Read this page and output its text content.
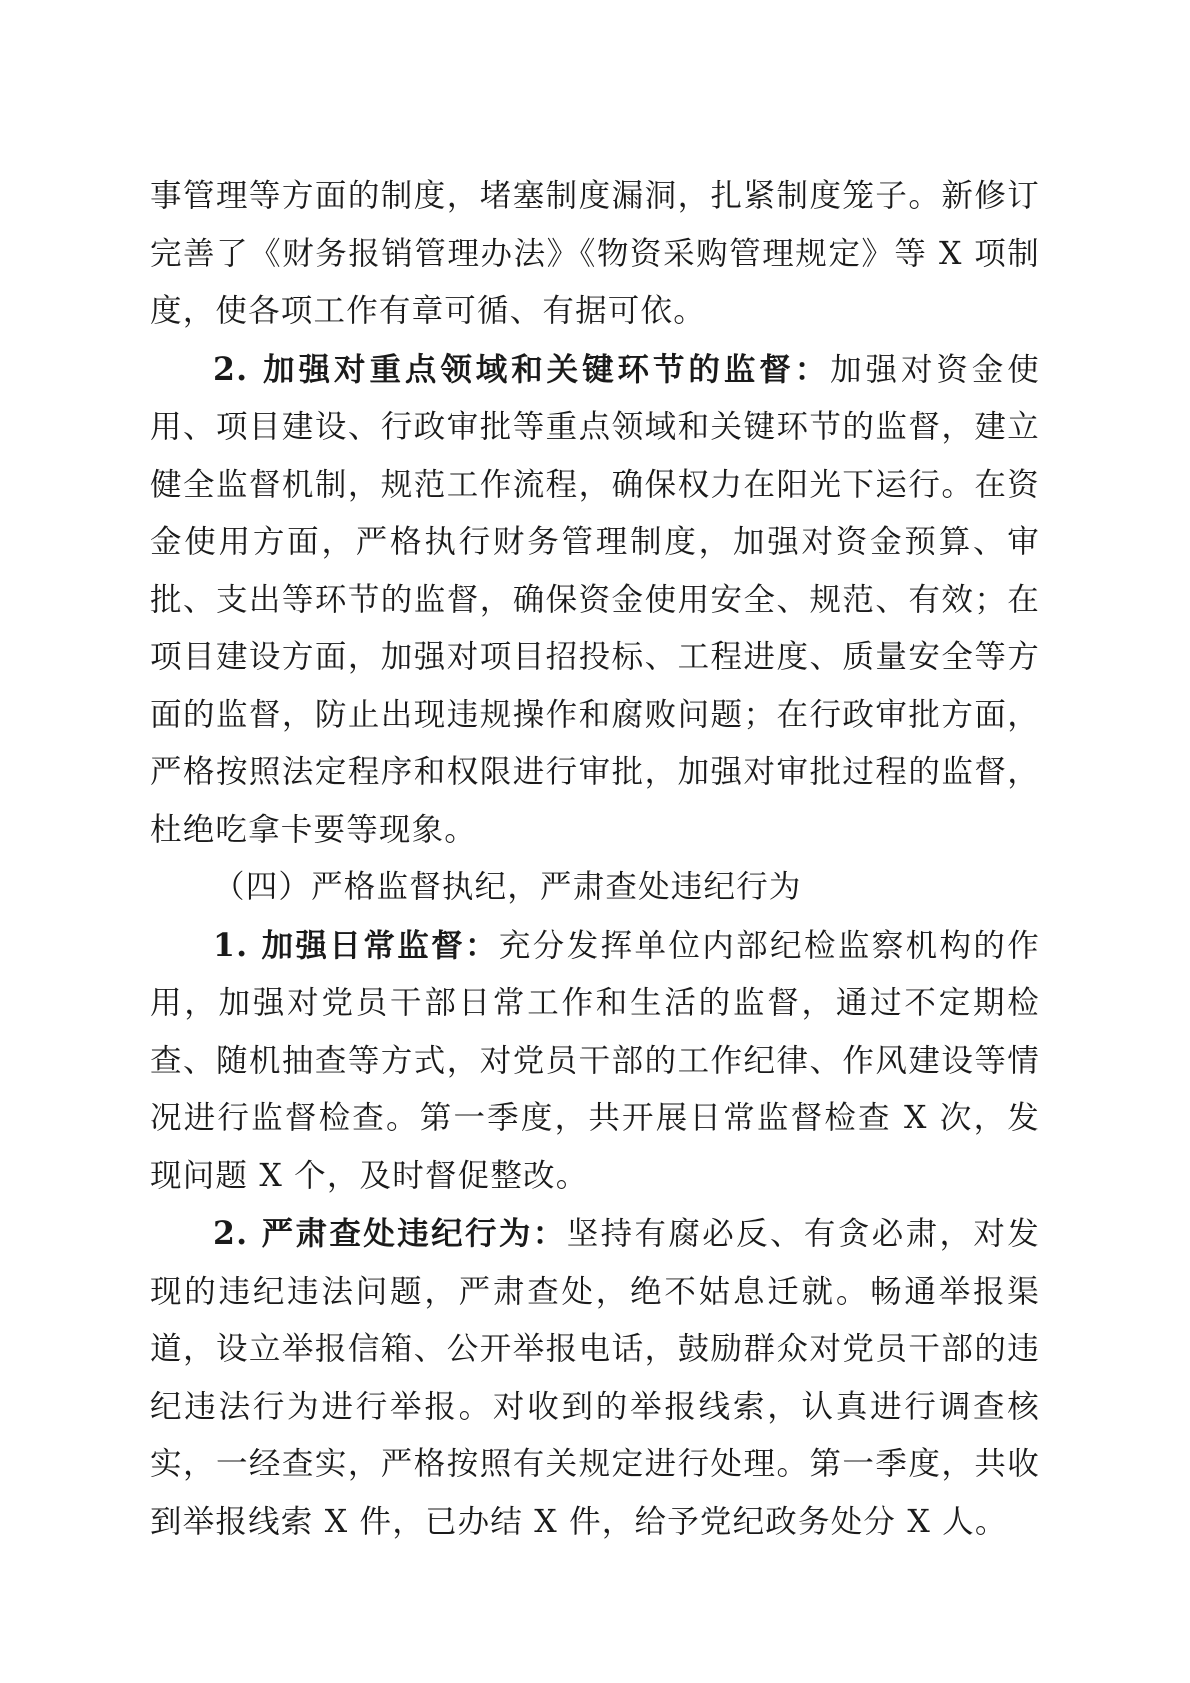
事管理等方面的制度，堵塞制度漏洞，扎紧制度笼子。新修订完善了《财务报销管理办法》《物资采购管理规定》等 X 项制度，使各项工作有章可循、有据可依。

2. 加强对重点领域和关键环节的监督：加强对资金使用、项目建设、行政审批等重点领域和关键环节的监督，建立健全监督机制，规范工作流程，确保权力在阳光下运行。在资金使用方面，严格执行财务管理制度，加强对资金预算、审批、支出等环节的监督，确保资金使用安全、规范、有效；在项目建设方面，加强对项目招投标、工程进度、质量安全等方面的监督，防止出现违规操作和腐败问题；在行政审批方面，严格按照法定程序和权限进行审批，加强对审批过程的监督，杜绝吃拿卡要等现象。

（四）严格监督执纪，严肃查处违纪行为

1. 加强日常监督：充分发挥单位内部纪检监察机构的作用，加强对党员干部日常工作和生活的监督，通过不定期检查、随机抽查等方式，对党员干部的工作纪律、作风建设等情况进行监督检查。第一季度，共开展日常监督检查 X 次，发现问题 X 个，及时督促整改。

2. 严肃查处违纪行为：坚持有腐必反、有贪必肃，对发现的违纪违法问题，严肃查处，绝不姑息迁就。畅通举报渠道，设立举报信箱、公开举报电话，鼓励群众对党员干部的违纪违法行为进行举报。对收到的举报线索，认真进行调查核实，一经查实，严格按照有关规定进行处理。第一季度，共收到举报线索 X 件，已办结 X 件，给予党纪政务处分 X 人。
